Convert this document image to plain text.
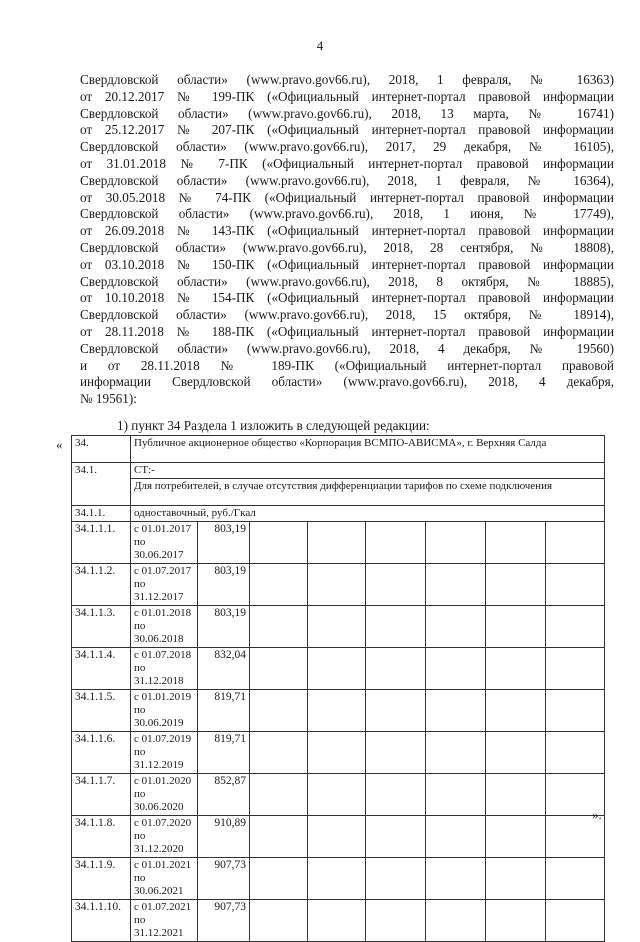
4
Свердловской области» (www.pravo.gov66.ru), 2018, 1 февраля, № 16363)
от 20.12.2017 № 199-ПК («Официальный интернет-портал правовой информации
Свердловской области» (www.pravo.gov66.ru), 2018, 13 марта, № 16741)
от 25.12.2017 № 207-ПК («Официальный интернет-портал правовой информации
Свердловской области» (www.pravo.gov66.ru), 2017, 29 декабря, № 16105),
от 31.01.2018 № 7-ПК («Официальный интернет-портал правовой информации
Свердловской области» (www.pravo.gov66.ru), 2018, 1 февраля, № 16364),
от 30.05.2018 № 74-ПК («Официальный интернет-портал правовой информации
Свердловской области» (www.pravo.gov66.ru), 2018, 1 июня, № 17749),
от 26.09.2018 № 143-ПК («Официальный интернет-портал правовой информации
Свердловской области» (www.pravo.gov66.ru), 2018, 28 сентября, № 18808),
от 03.10.2018 № 150-ПК («Официальный интернет-портал правовой информации
Свердловской области» (www.pravo.gov66.ru), 2018, 8 октября, № 18885),
от 10.10.2018 № 154-ПК («Официальный интернет-портал правовой информации
Свердловской области» (www.pravo.gov66.ru), 2018, 15 октября, № 18914),
от 28.11.2018 № 188-ПК («Официальный интернет-портал правовой информации
Свердловской области» (www.pravo.gov66.ru), 2018, 4 декабря, № 19560)
и от 28.11.2018 № 189-ПК («Официальный интернет-портал правовой
информации Свердловской области» (www.pravo.gov66.ru), 2018, 4 декабря,
№ 19561):
1) пункт 34 Раздела 1 изложить в следующей редакции:
« 34.	Публичное акционерное общество «Корпорация ВСМПО-АВИСМА», г. Верхняя Салда							
34.1.	СТ:-							
	Для потребителей, в случае отсутствия дифференциации тарифов по схеме подключения							
34.1.1.	одноставочный, руб./Гкал							
34.1.1.1.	с 01.01.2017 по 30.06.2017	803,19						
34.1.1.2.	с 01.07.2017 по 31.12.2017	803,19						
34.1.1.3.	с 01.01.2018 по 30.06.2018	803,19						
34.1.1.4.	с 01.07.2018 по 31.12.2018	832,04						
34.1.1.5.	с 01.01.2019 по 30.06.2019	819,71						
34.1.1.6.	с 01.07.2019 по 31.12.2019	819,71						
34.1.1.7.	с 01.01.2020 по 30.06.2020	852,87						
34.1.1.8.	с 01.07.2020 по 31.12.2020	910,89						
34.1.1.9.	с 01.01.2021 по 30.06.2021	907,73						
34.1.1.10.	с 01.07.2021 по 31.12.2021	907,73						
».
